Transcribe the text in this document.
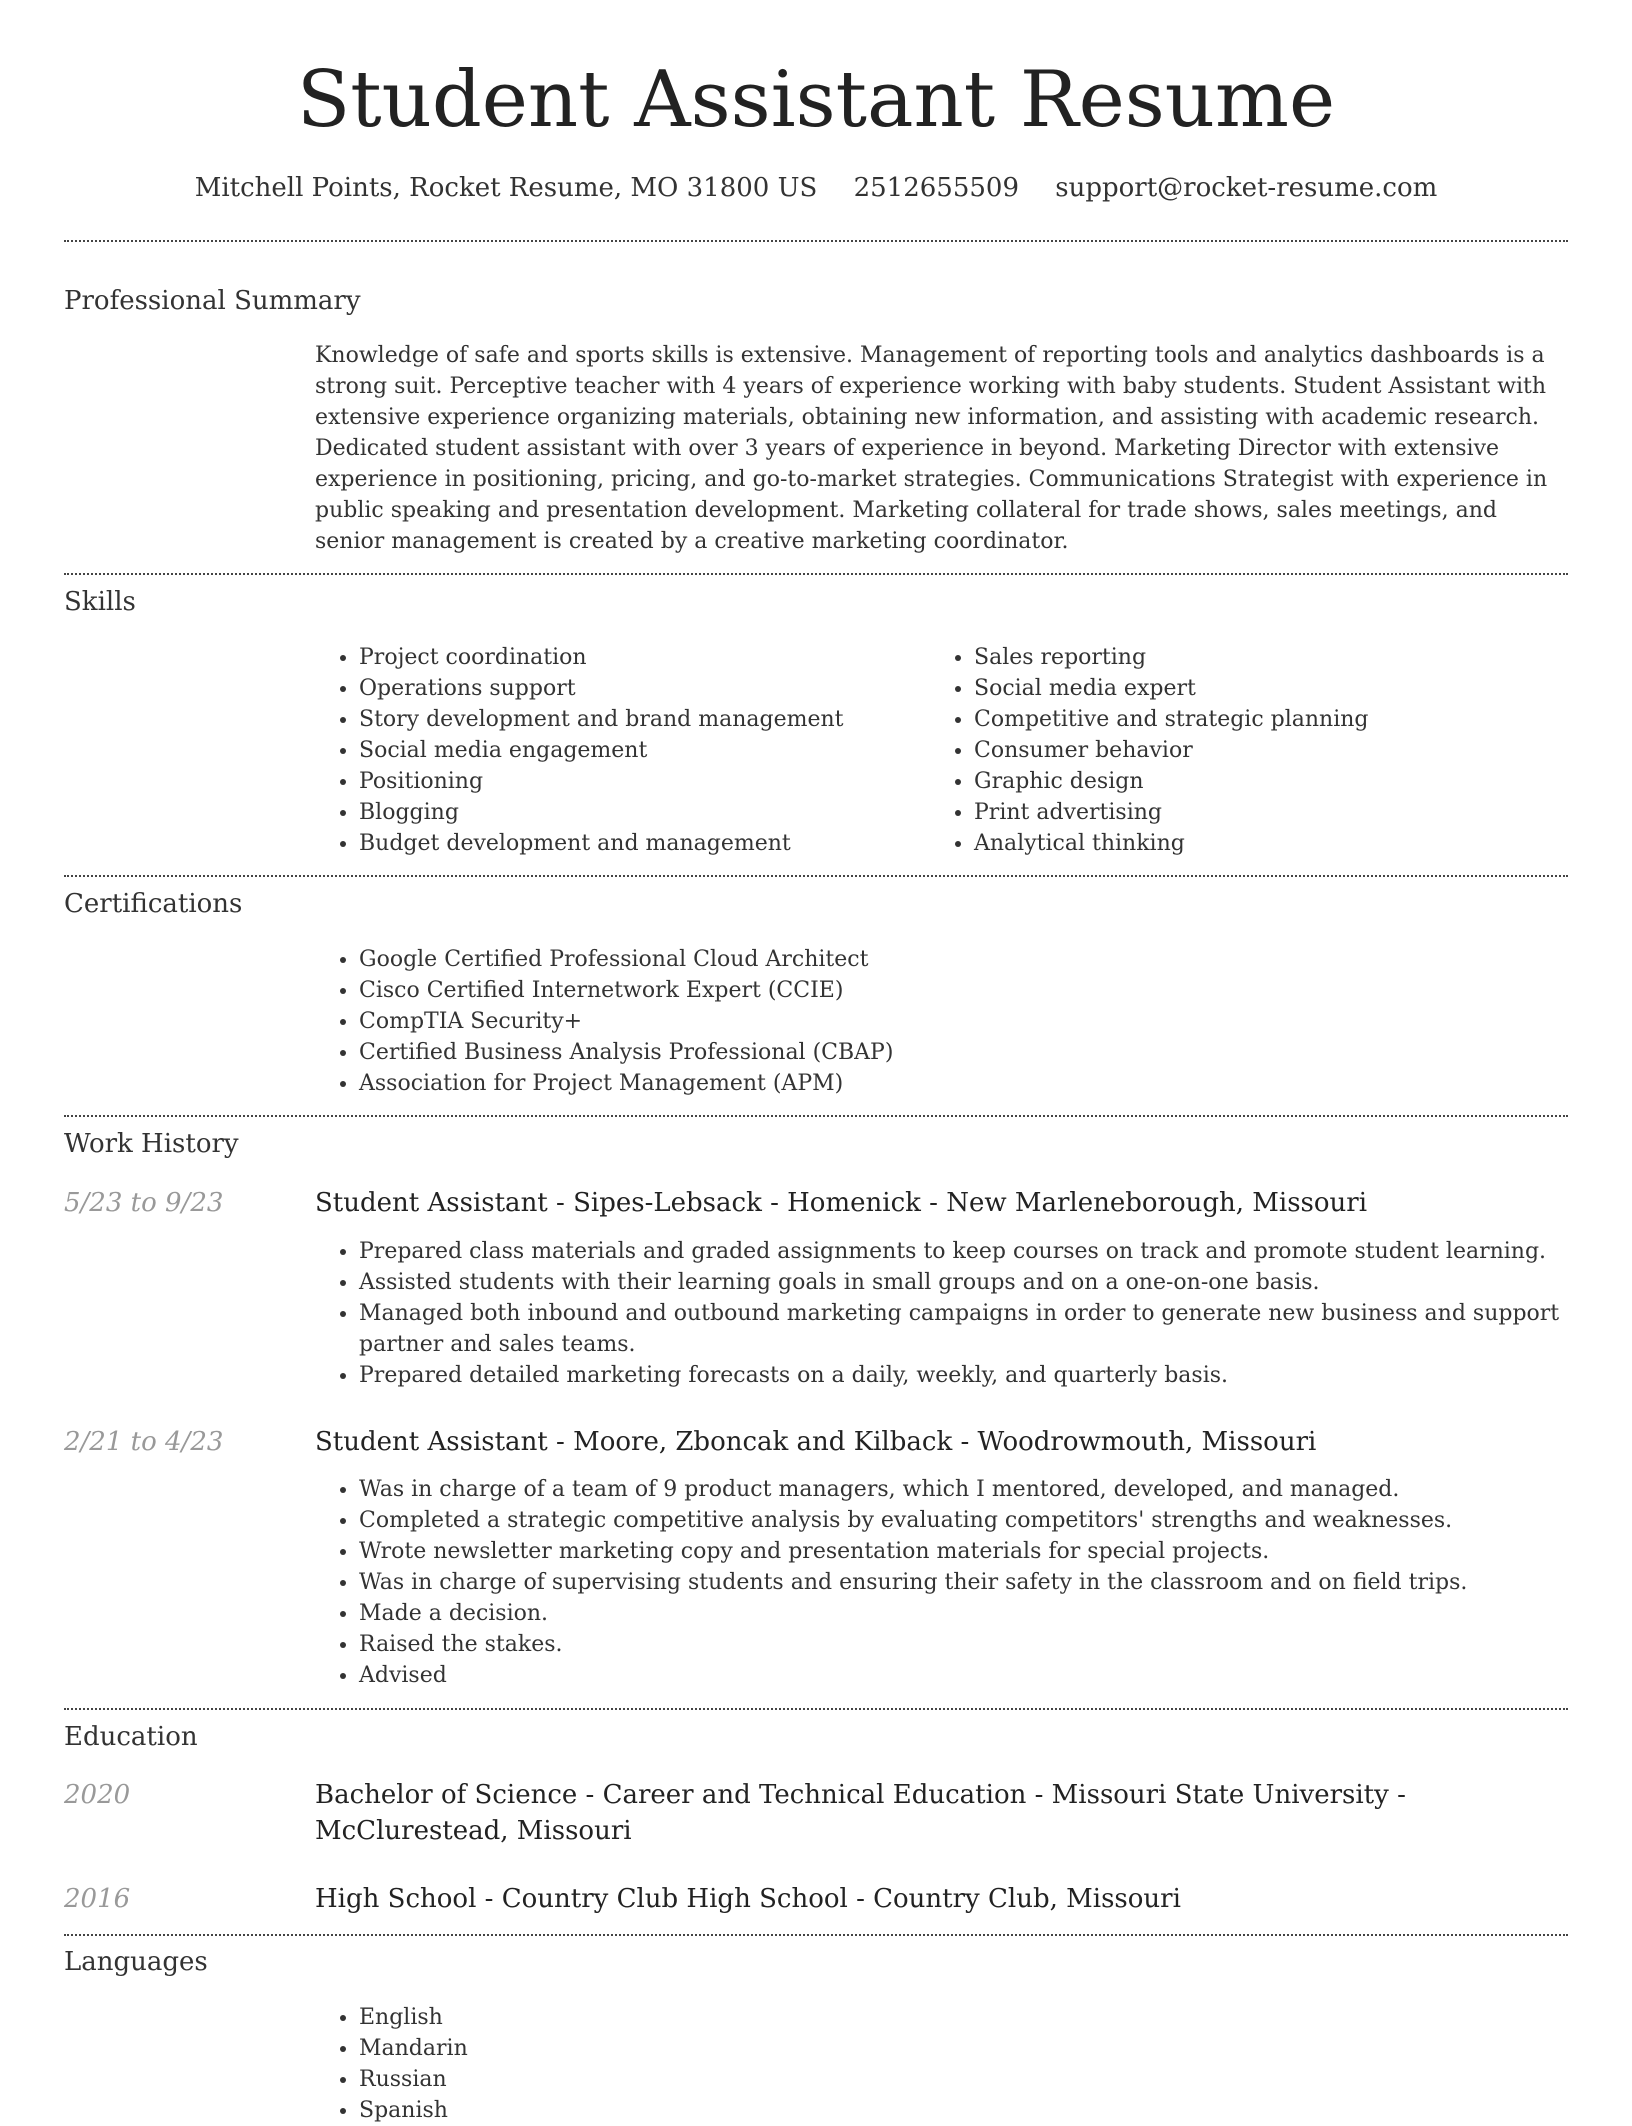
Student Assistant Resume
Mitchell Points, Rocket Resume, MO 31800 US 2512655509 support@rocket-resume.com
Professional Summary
Knowledge of safe and sports skills is extensive. Management of reporting tools and analytics dashboards is a strong suit. Perceptive teacher with 4 years of experience working with baby students. Student Assistant with extensive experience organizing materials, obtaining new information, and assisting with academic research. Dedicated student assistant with over 3 years of experience in beyond. Marketing Director with extensive experience in positioning, pricing, and go-to-market strategies. Communications Strategist with experience in public speaking and presentation development. Marketing collateral for trade shows, sales meetings, and senior management is created by a creative marketing coordinator.
Skills
• Project coordination
• Operations support
• Story development and brand management
• Social media engagement
• Positioning
• Blogging
• Budget development and management
• Sales reporting
• Social media expert
• Competitive and strategic planning
• Consumer behavior
• Graphic design
• Print advertising
• Analytical thinking
Certifications
• Google Certified Professional Cloud Architect
• Cisco Certified Internetwork Expert (CCIE)
• CompTIA Security+
• Certified Business Analysis Professional (CBAP)
• Association for Project Management (APM)
Work History
5/23 to 9/23	Student Assistant - Sipes-Lebsack - Homenick - New Marleneborough, Missouri
• Prepared class materials and graded assignments to keep courses on track and promote student learning.
• Assisted students with their learning goals in small groups and on a one-on-one basis.
• Managed both inbound and outbound marketing campaigns in order to generate new business and support partner and sales teams.
• Prepared detailed marketing forecasts on a daily, weekly, and quarterly basis.
2/21 to 4/23	Student Assistant - Moore, Zboncak and Kilback - Woodrowmouth, Missouri
• Was in charge of a team of 9 product managers, which I mentored, developed, and managed.
• Completed a strategic competitive analysis by evaluating competitors' strengths and weaknesses.
• Wrote newsletter marketing copy and presentation materials for special projects.
• Was in charge of supervising students and ensuring their safety in the classroom and on field trips.
• Made a decision.
• Raised the stakes.
• Advised
Education
2020	Bachelor of Science - Career and Technical Education - Missouri State University - McClurestead, Missouri
2016	High School - Country Club High School - Country Club, Missouri
Languages
• English
• Mandarin
• Russian
• Spanish
